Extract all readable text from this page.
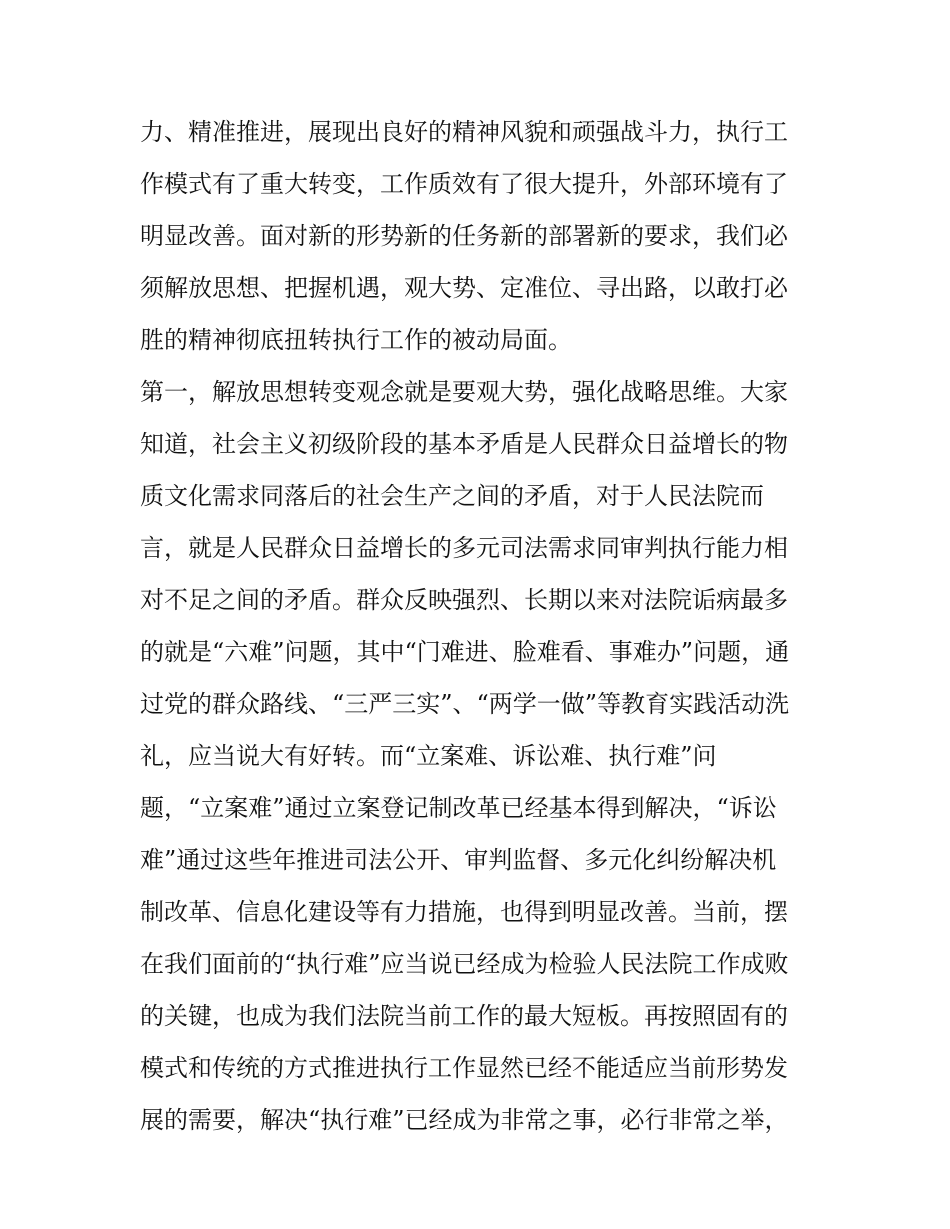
力、精准推进，展现出良好的精神风貌和顽强战斗力，执行工
作模式有了重大转变，工作质效有了很大提升，外部环境有了
明显改善。面对新的形势新的任务新的部署新的要求，我们必
须解放思想、把握机遇，观大势、定准位、寻出路，以敢打必
胜的精神彻底扭转执行工作的被动局面。
第一，解放思想转变观念就是要观大势，强化战略思维。大家
知道，社会主义初级阶段的基本矛盾是人民群众日益增长的物
质文化需求同落后的社会生产之间的矛盾，对于人民法院而
言，就是人民群众日益增长的多元司法需求同审判执行能力相
对不足之间的矛盾。群众反映强烈、长期以来对法院诟病最多
的就是“六难”问题，其中“门难进、脸难看、事难办”问题，通
过党的群众路线、“三严三实”、“两学一做”等教育实践活动洗
礼，应当说大有好转。而“立案难、诉讼难、执行难”问
题，“立案难”通过立案登记制改革已经基本得到解决，“诉讼
难”通过这些年推进司法公开、审判监督、多元化纠纷解决机
制改革、信息化建设等有力措施，也得到明显改善。当前，摆
在我们面前的“执行难”应当说已经成为检验人民法院工作成败
的关键，也成为我们法院当前工作的最大短板。再按照固有的
模式和传统的方式推进执行工作显然已经不能适应当前形势发
展的需要，解决“执行难”已经成为非常之事，必行非常之举，
